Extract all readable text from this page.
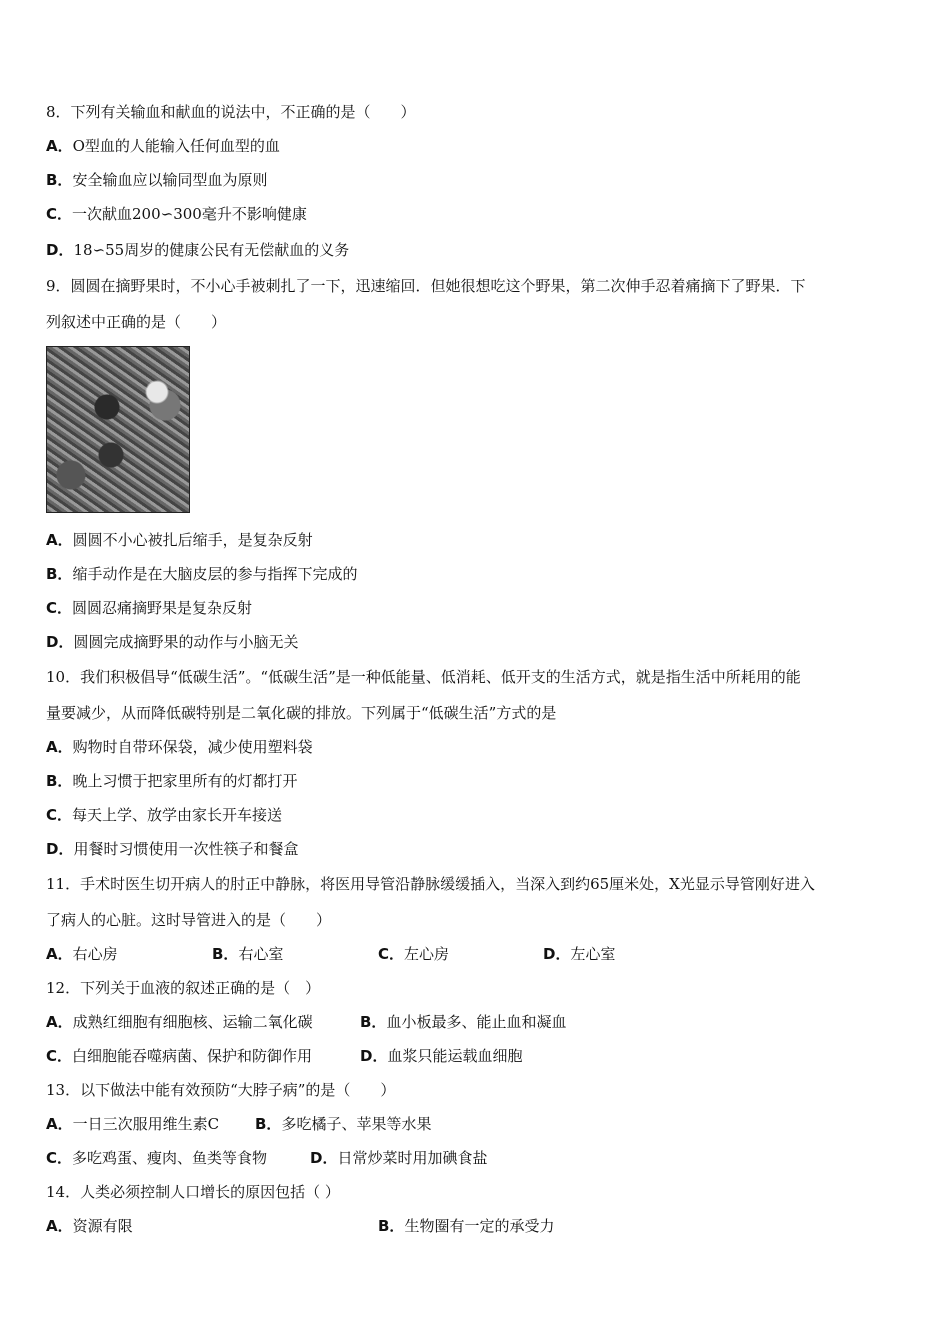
8．下列有关输血和献血的说法中，不正确的是（　　）
A．O型血的人能输入任何血型的血
B．安全输血应以输同型血为原则
C．一次献血200∽300毫升不影响健康
D．18∽55周岁的健康公民有无偿献血的义务
9．圆圆在摘野果时，不小心手被刺扎了一下，迅速缩回．但她很想吃这个野果，第二次伸手忍着痛摘下了野果．下
列叙述中正确的是（　　）
A．圆圆不小心被扎后缩手，是复杂反射
B．缩手动作是在大脑皮层的参与指挥下完成的
C．圆圆忍痛摘野果是复杂反射
D．圆圆完成摘野果的动作与小脑无关
10．我们积极倡导“低碳生活”。“低碳生活”是一种低能量、低消耗、低开支的生活方式，就是指生活中所耗用的能
量要减少，从而降低碳特别是二氧化碳的排放。下列属于“低碳生活”方式的是
A．购物时自带环保袋，减少使用塑料袋
B．晚上习惯于把家里所有的灯都打开
C．每天上学、放学由家长开车接送
D．用餐时习惯使用一次性筷子和餐盒
11．手术时医生切开病人的肘正中静脉，将医用导管沿静脉缓缓插入，当深入到约65厘米处，X光显示导管刚好进入
了病人的心脏。这时导管进入的是（　　）
A．右心房	B．右心室	C．左心房	D．左心室
12．下列关于血液的叙述正确的是（　）
A．成熟红细胞有细胞核、运输二氧化碳	B．血小板最多、能止血和凝血
C．白细胞能吞噬病菌、保护和防御作用	D．血浆只能运载血细胞
13．以下做法中能有效预防“大脖子病”的是（　　）
A．一日三次服用维生素C B．多吃橘子、苹果等水果
C．多吃鸡蛋、瘦肉、鱼类等食物	D．日常炒菜时用加碘食盐
14．人类必须控制人口增长的原因包括（ ）
A．资源有限	B．生物圈有一定的承受力
